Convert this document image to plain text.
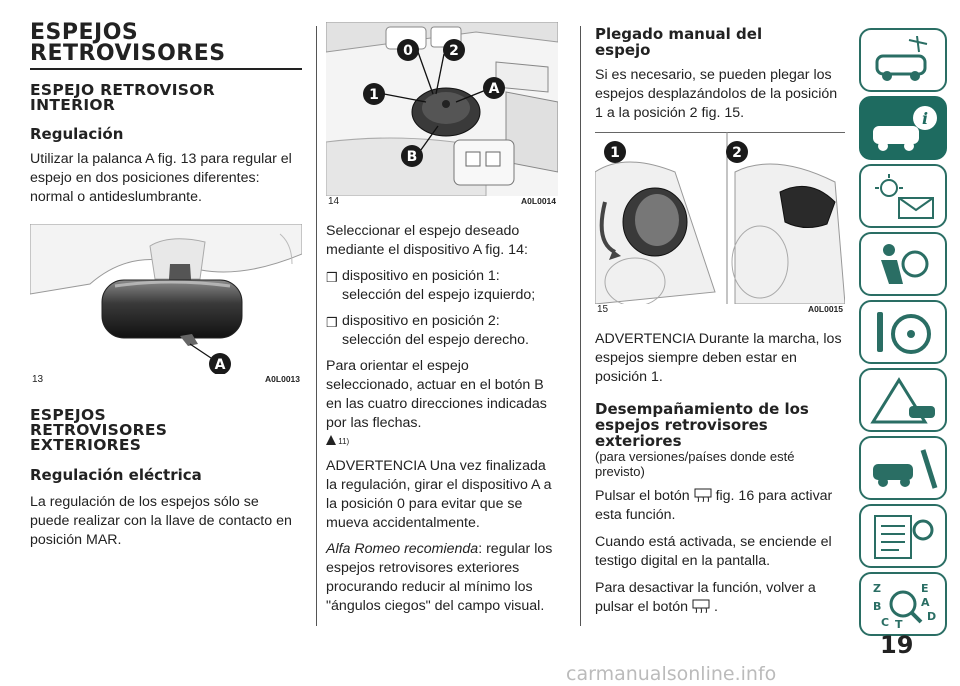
ESPEJOS RETROVISORES
ESPEJO RETROVISOR INTERIOR
Regulación

Utilizar la palanca A fig. 13 para regular el espejo en dos posiciones diferentes: normal o antideslumbrante.

A
13	A0L0013
ESPEJOS RETROVISORES EXTERIORES
Regulación eléctrica

La regulación de los espejos sólo se puede realizar con la llave de contacto en posición MAR.

0	2
1	A
B
14	A0L0014

Seleccionar el espejo deseado mediante el dispositivo A fig. 14:

❒ dispositivo en posición 1: selección del espejo izquierdo;

❒ dispositivo en posición 2: selección del espejo derecho.

Para orientar el espejo seleccionado, actuar en el botón B en las cuatro direcciones indicadas por las flechas.

11)

ADVERTENCIA Una vez finalizada la regulación, girar el dispositivo A a la posición 0 para evitar que se mueva accidentalmente.

Alfa Romeo recomienda: regular los espejos retrovisores exteriores procurando reducir al mínimo los "ángulos ciegos" del campo visual.

Plegado manual del espejo

Si es necesario, se pueden plegar los espejos desplazándolos de la posición 1 a la posición 2 fig. 15.

1	2
15	A0L0015

ADVERTENCIA Durante la marcha, los espejos siempre deben estar en posición 1.

Desempañamiento de los espejos retrovisores exteriores

(para versiones/países donde esté previsto)

Pulsar el botón fig. 16 para activar esta función.

Cuando está activada, se enciende el testigo digital en la pantalla.

Para desactivar la función, volver a pulsar el botón .

i
Z	E
A
B
C T
D
19
carmanualsonline.info
